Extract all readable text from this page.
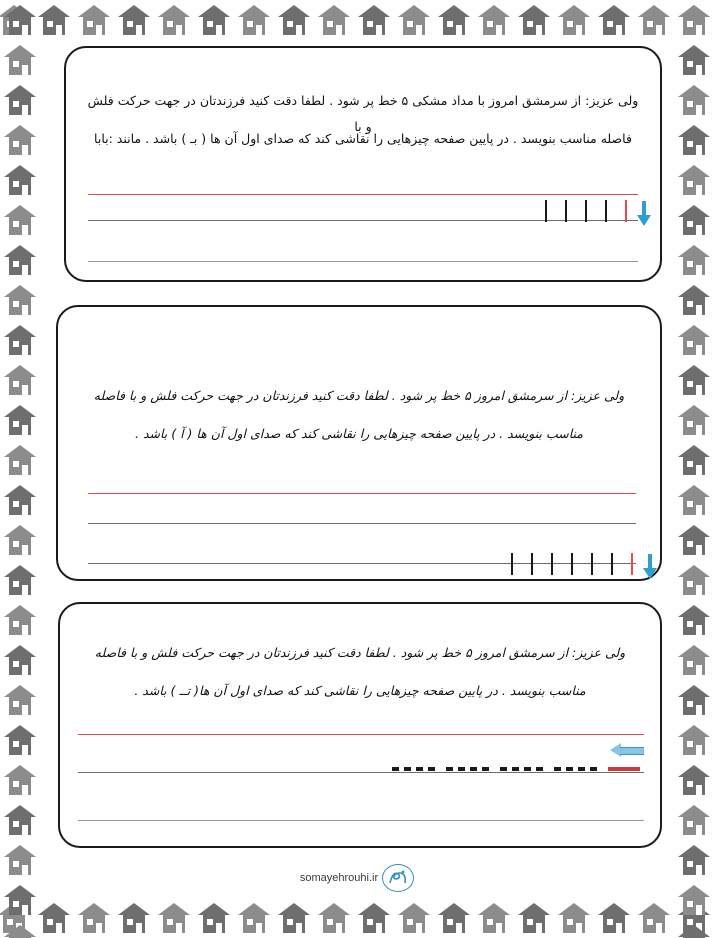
ولی عزیز: از سرمشق امروز با مداد مشکی ۵ خط پر شود . لطفا دقت کنید فرزندتان در جهت حرکت فلش و با
فاصله مناسب بنویسد . در پایین صفحه چیزهایی را نقاشی کند که صدای اول آن ها ( بـ ) باشد . مانند :بابا
ولی عزیز: از سرمشق امروز ۵ خط پر شود . لطفا دقت کنید فرزندتان در جهت حرکت فلش و با فاصله
مناسب بنویسد . در پایین صفحه چیزهایی را نقاشی کند که صدای اول آن ها ( آ ) باشد .
ولی عزیز: از سرمشق امروز ۵ خط پر شود . لطفا دقت کنید فرزندتان در جهت حرکت فلش و با فاصله
مناسب بنویسد . در پایین صفحه چیزهایی را نقاشی کند که صدای اول آن ها( تــ ) باشد .
somayehrouhi.ir
